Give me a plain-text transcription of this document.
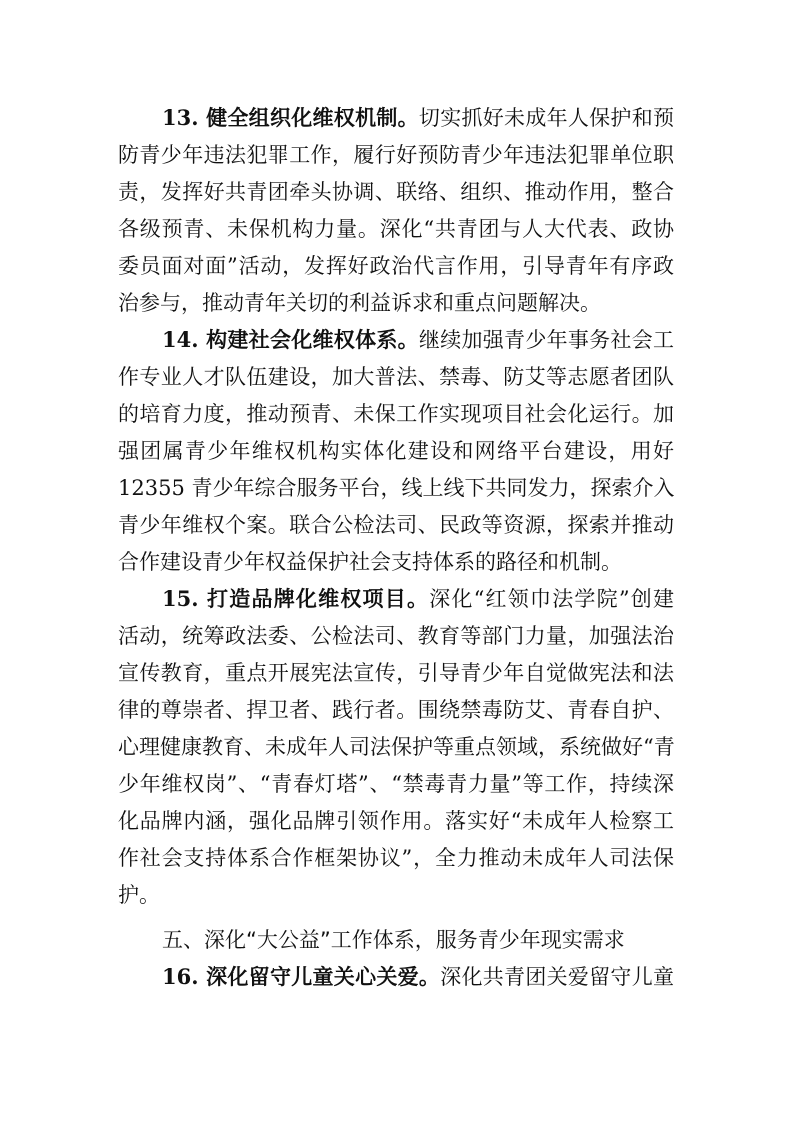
13. 健全组织化维权机制。切实抓好未成年人保护和预
防青少年违法犯罪工作，履行好预防青少年违法犯罪单位职
责，发挥好共青团牵头协调、联络、组织、推动作用，整合
各级预青、未保机构力量。深化“共青团与人大代表、政协
委员面对面”活动，发挥好政治代言作用，引导青年有序政
治参与，推动青年关切的利益诉求和重点问题解决。
14. 构建社会化维权体系。继续加强青少年事务社会工
作专业人才队伍建设，加大普法、禁毒、防艾等志愿者团队
的培育力度，推动预青、未保工作实现项目社会化运行。加
强团属青少年维权机构实体化建设和网络平台建设，用好
12355 青少年综合服务平台，线上线下共同发力，探索介入
青少年维权个案。联合公检法司、民政等资源，探索并推动
合作建设青少年权益保护社会支持体系的路径和机制。
15. 打造品牌化维权项目。深化“红领巾法学院”创建
活动，统筹政法委、公检法司、教育等部门力量，加强法治
宣传教育，重点开展宪法宣传，引导青少年自觉做宪法和法
律的尊崇者、捍卫者、践行者。围绕禁毒防艾、青春自护、
心理健康教育、未成年人司法保护等重点领域，系统做好“青
少年维权岗”、“青春灯塔”、“禁毒青力量”等工作，持续深
化品牌内涵，强化品牌引领作用。落实好“未成年人检察工
作社会支持体系合作框架协议”，全力推动未成年人司法保
护。
五、深化“大公益”工作体系，服务青少年现实需求
16. 深化留守儿童关心关爱。深化共青团关爱留守儿童
